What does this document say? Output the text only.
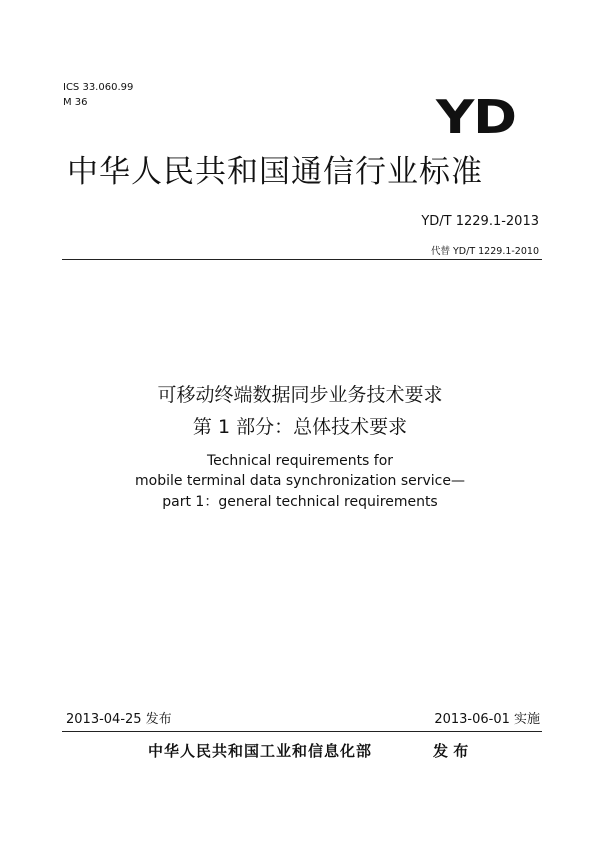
ICS 33.060.99
M 36	YD
中华人民共和国通信行业标准
YD/T 1229.1-2013
代替 YD/T 1229.1-2010
可移动终端数据同步业务技术要求
第 1 部分：总体技术要求
Technical requirements for
mobile terminal data synchronization service—
part 1：general technical requirements
2013-04-25 发布	2013-06-01 实施
中华人民共和国工业和信息化部	发 布
